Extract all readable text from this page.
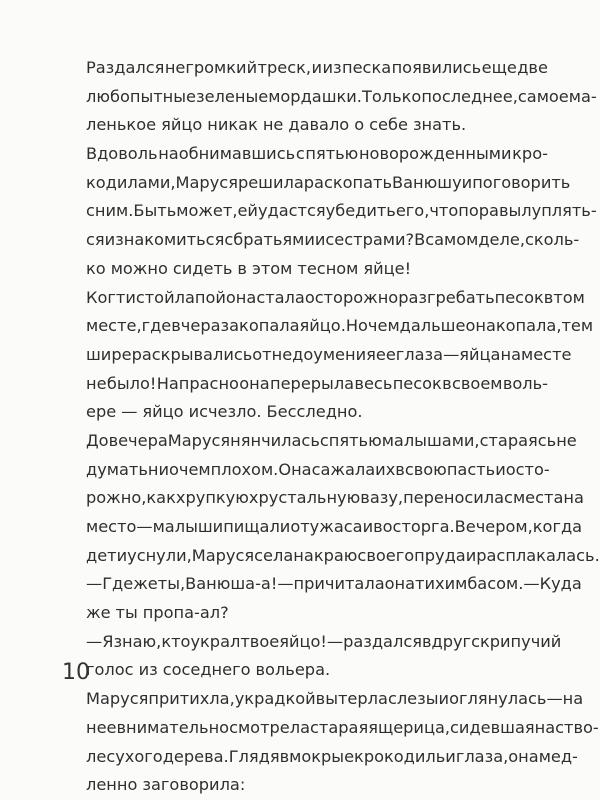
Раздался негромкий треск, и из песка появились еще две
любопытные зеленые мордашки. Только последнее, самое ма-
ленькое яйцо никак не давало о себе знать.
Вдоволь наобнимавшись с пятью новорожденными кро-
кодилами, Маруся решила раскопать Ванюшу и поговорить
с ним. Быть может, ей удастся убедить его, что пора вылуплять-
ся и знакомиться с братьями и сестрами? В самом деле, сколь-
ко можно сидеть в этом тесном яйце!
Когтистой лапой она стала осторожно разгребать песок в том
месте, где вчера закопала яйцо. Но чем дальше она копала, тем
шире раскрывались от недоумения ее глаза — яйца на месте
не было! Напрасно она перерыла весь песок в своем воль-
ере — яйцо исчезло. Бесследно.
До вечера Маруся нянчилась с пятью малышами, стараясь не
думать ни о чем плохом. Она сажала их в свою пасть и осто-
рожно, как хрупкую хрустальную вазу, переносила с места на
место — малыши пищали от ужаса и восторга. Вечером, когда
дети уснули, Маруся села на краю своего пруда и расплакалась.
— Где же ты, Ванюша-а! — причитала она тихим басом. — Куда
же ты пропа-ал?
— Я знаю, кто украл твое яйцо! — раздался вдруг скрипучий
голос из соседнего вольера.
Маруся притихла, украдкой вытерла слезы и оглянулась — на
нее внимательно смотрела старая ящерица, сидевшая на ство-
ле сухого дерева. Глядя в мокрые крокодильи глаза, она мед-
ленно заговорила:
10
